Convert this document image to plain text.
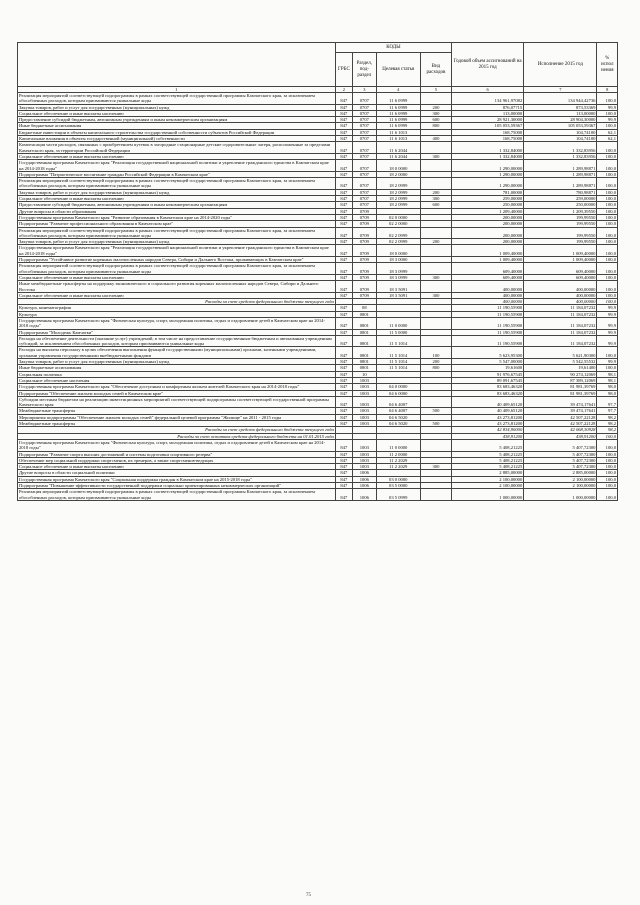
	КОДЫ				Годовой объем ассигнований на 2015 год	Исполнение 2015 год	% испол нения
	ГРБС	Раздел, под-раздел	Целевая статья	Вид расходов			
1	2	3	4	5	6	7	8
Реализация мероприятий соответствующей подпрограммы в рамках соответствующей государственной программы Камчатского края, за исключением обособленных расходов, которым присваиваются уникальные коды	847	0707	11 6 0999		134 961,97082	134 944,42736	100,0
Закупка товаров, работ и услуг для государственных (муниципальных) нужд	847	0707	11 6 0999	200	876,07715	873,53369	99,9
Социальное обеспечение и иные выплаты населению	847	0707	11 6 0999	300	113,00000	113,00000	100,0
Предоставление субсидий бюджетным, автономным учреждениям и иным некоммерческим организациям	847	0707	11 6 0999	600	28 921,30000	28 904,30000	99,9
Иные бюджетные ассигнования	847	0707	11 6 0999	800	105 053,59367	105 053,59367	100,0
Бюджетные инвестиции в объекты капитального строительства государственной собственности субъектов Российской Федерации	847	0707	11 6 1013		168,75000	104,74100	62,1
Капитальные вложения в объекты государственной (муниципальной) собственности	847	0707	11 6 1013	400	168,75000	104,74100	62,1
Компенсация части расходов, связанных с приобретением путевок в загородные стационарные детские оздоровительные лагеря, расположенные за пределами Камчатского края, за территории Российской Федерации	847	0707	11 6 2044		1 332,84000	1 332,83956	100,0
Социальное обеспечение и иные выплаты населению	847	0707	11 6 2044	300	1 332,84000	1 332,83956	100,0
Государственная программа Камчатского края "Реализация государственной национальной политики и укрепление гражданского единства в Камчатском крае на 2014-2018 годы"	847	0707	18 0 0000		1 290,00000	1 289,98871	100,0
Подпрограмма "Патриотическое воспитание граждан Российской Федерации в Камчатском крае"	847	0707	18 2 0000		1 290,00000	1 289,98871	100,0
Реализация мероприятий соответствующей подпрограммы в рамках соответствующей государственной программы Камчатского края, за исключением обособленных расходов, которым присваиваются уникальные коды	847	0707	18 2 0999		1 290,00000	1 289,98871	100,0
Закупка товаров, работ и услуг для государственных (муниципальных) нужд	847	0707	18 2 0999	200	781,00000	780,98871	100,0
Социальное обеспечение и иные выплаты населению	847	0707	18 2 0999	300	259,00000	259,00000	100,0
Предоставление субсидий бюджетным, автономным учреждениям и иным некоммерческим организациям	847	0707	18 2 0999	600	250,00000	250,00000	100,0
Другие вопросы в области образования	847	0709			1 209,40000	1 209,39550	100,0
Государственная программа Камчатского края "Развитие образования в Камчатском крае на 2014-2020 годы"	847	0709	02 0 0000		200,00000	199,99550	100,0
Подпрограмма "Развитие профессионального образования в Камчатском крае"	847	0709	02 2 0000		200,00000	199,99550	100,0
Реализация мероприятий соответствующей подпрограммы в рамках соответствующей государственной программы Камчатского края, за исключением обособленных расходов, которым присваиваются уникальные коды	847	0709	02 2 0999		200,00000	199,99550	100,0
Закупка товаров, работ и услуг для государственных (муниципальных) нужд	847	0709	02 2 0999	200	200,00000	199,99550	100,0
Государственная программа Камчатского края "Реализация государственной национальной политики и укрепление гражданского единства в Камчатском крае на 2014-2018 годы"	847	0709	18 0 0000		1 009,40000	1 009,40000	100,0
Подпрограмма "Устойчивое развитие коренных малочисленных народов Севера, Сибири и Дальнего Востока, проживающих в Камчатском крае"	847	0709	18 3 0000		1 009,40000	1 009,40000	100,0
Реализация мероприятий соответствующей подпрограммы в рамках соответствующей государственной программы Камчатского края, за исключением обособленных расходов, которым присваиваются уникальные коды	847	0709	18 3 0999		609,40000	609,40000	100,0
Социальное обеспечение и иные выплаты населению	847	0709	18 3 0999	300	609,40000	609,40000	100,0
Иные межбюджетные трансферты на поддержку экономического и социального развития коренных малочисленных народов Севера, Сибири и Дальнего Востока	847	0709	18 3 5091		400,00000	400,00000	100,0
Социальное обеспечение и иные выплаты населению	847	0709	18 3 5091	300	400,00000	400,00000	100,0
Расходы за счет средств федерального бюджета текущего года					400,00000	400,00000	100,0
Культура, кинематография	847	08			11 190,55900	11 184,07232	99,9
Культура	847	0801			11 190,55900	11 184,07232	99,9
Государственная программа Камчатского края "Физическая культура, спорт, молодежная политика, отдых и оздоровление детей в Камчатском крае на 2014-2018 годы"	847	0801	11 0 0000		11 190,55900	11 184,07232	99,9
Подпрограмма "Молодежь Камчатки"	847	0801	11 5 0000		11 190,55900	11 184,07232	99,9
Расходы на обеспечение деятельности (оказание услуг) учреждений, в том числе на предоставление государственным бюджетным и автономным учреждениям субсидий, за исключением обособленных расходов, которым присваиваются уникальные коды	847	0801	11 5 1014		11 190,55900	11 184,07232	99,9
Расходы на выплаты персоналу в целях обеспечения выполнения функций государственными (муниципальными) органами, казенными учреждениями, органами управления государственными внебюджетными фондами	847	0801	11 5 1014	100	5 623,95300	5 621,90300	100,0
Закупка товаров, работ и услуг для государственных (муниципальных) нужд	847	0801	11 5 1014	200	5 547,00000	5 542,55532	99,9
Иные бюджетные ассигнования	847	0801	11 5 1014	800	19,61600	19,61400	100,0
Социальная политика	847	10			91 976,67545	90 274,12069	98,1
Социальное обеспечение населения	847	1003			89 091,67545	87 389,12069	98,1
Государственная программа Камчатского края "Обеспечение доступным и комфортным жильем жителей Камчатского края на 2014-2018 годы"	847	1003	04 0 0000		83 683,46320	81 981,39769	98,0
Подпрограмма "Обеспечение жильем молодых семей в Камчатском крае"	847	1003	04 6 0000		83 683,46320	81 981,39769	98,0
Субсидии местным бюджетам на реализацию инвестиционных мероприятий соответствующей подпрограммы соответствующей государственной программы Камчатского края	847	1003	04 6 4007		40 409,65120	39 474,17641	97,7
Межбюджетные трансферты	847	1003	04 6 4007	500	40 409,65120	39 474,17641	97,7
Мероприятия подпрограммы "Обеспечение жильем молодых семей" федеральной целевой программы "Жилище" на 2011 - 2015 годы	847	1003	04 6 5020		43 273,81200	42 507,22128	98,2
Межбюджетные трансферты	847	1003	04 6 5020	500	43 273,81200	42 507,22128	98,2
Расходы за счет средств федерального бюджета текущего года					42 834,90000	42 068,30928	98,2
Расходы за счет остатков средств федерального бюджета на 01.01.2015 года					438,91200	438,91200	100,0
Государственная программа Камчатского края "Физическая культура, спорт, молодежная политика, отдых и оздоровление детей в Камчатском крае на 2014-2018 годы"	847	1003	11 0 0000		5 408,21225	5 407,72300	100,0
Подпрограмма "Развитие спорта высших достижений и системы подготовки спортивного резерва"	847	1003	11 2 0000		5 408,21225	5 407,72300	100,0
Обеспечение мер социальной поддержки спортсменов, их тренеров, а также спортсменов-ведущих	847	1003	11 2 2029		5 408,21225	5 407,72300	100,0
Социальное обеспечение и иные выплаты населению	847	1003	11 2 2029	300	5 408,21225	5 407,72300	100,0
Другие вопросы в области социальной политики	847	1006			2 885,00000	2 885,00000	100,0
Государственная программа Камчатского края "Социальная поддержка граждан в Камчатском крае на 2015-2018 годы"	847	1006	03 0 0000		2 100,00000	2 100,00000	100,0
Подпрограмма "Повышение эффективности государственной поддержки социально ориентированных некоммерческих организаций"	847	1006	03 5 0000		2 100,00000	2 100,00000	100,0
Реализация мероприятий соответствующей подпрограммы в рамках соответствующей государственной программы Камчатского края, за исключением обособленных расходов, которым присваиваются уникальные коды	847	1006	03 5 0999		1 000,00000	1 000,00000	100,0
75
